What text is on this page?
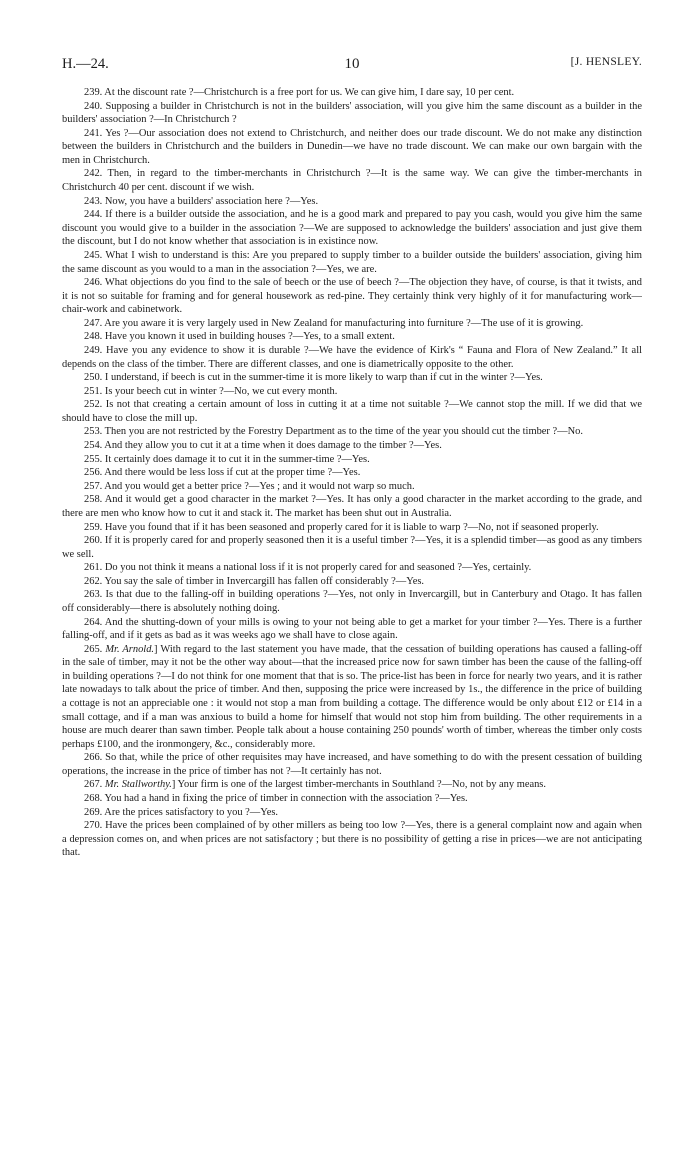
10
H.—24.	[J. HENSLEY.

239. At the discount rate ?—Christchurch is a free port for us. We can give him, I dare say, 10 per cent.

240. Supposing a builder in Christchurch is not in the builders' association, will you give him the same discount as a builder in the builders' association ?—In Christchurch ?

241. Yes ?—Our association does not extend to Christchurch, and neither does our trade discount. We do not make any distinction between the builders in Christchurch and the builders in Dunedin—we have no trade discount. We can make our own bargain with the men in Christchurch.

242. Then, in regard to the timber-merchants in Christchurch ?—It is the same way. We can give the timber-merchants in Christchurch 40 per cent. discount if we wish.

243. Now, you have a builders' association here ?—Yes.

244. If there is a builder outside the association, and he is a good mark and prepared to pay you cash, would you give him the same discount you would give to a builder in the association ?—We are supposed to acknowledge the builders' association and just give them the discount, but I do not know whether that association is in existince now.

245. What I wish to understand is this: Are you prepared to supply timber to a builder outside the builders' association, giving him the same discount as you would to a man in the association ?—Yes, we are.

246. What objections do you find to the sale of beech or the use of beech ?—The objection they have, of course, is that it twists, and it is not so suitable for framing and for general housework as red-pine. They certainly think very highly of it for manufacturing work—chair-work and cabinetwork.

247. Are you aware it is very largely used in New Zealand for manufacturing into furniture ?—The use of it is growing.

248. Have you known it used in building houses ?—Yes, to a small extent.

249. Have you any evidence to show it is durable ?—We have the evidence of Kirk's “ Fauna and Flora of New Zealand.” It all depends on the class of the timber. There are different classes, and one is diametrically opposite to the other.

250. I understand, if beech is cut in the summer-time it is more likely to warp than if cut in the winter ?—Yes.

251. Is your beech cut in winter ?—No, we cut every month.

252. Is not that creating a certain amount of loss in cutting it at a time not suitable ?—We cannot stop the mill. If we did that we should have to close the mill up.

253. Then you are not restricted by the Forestry Department as to the time of the year you should cut the timber ?—No.

254. And they allow you to cut it at a time when it does damage to the timber ?—Yes.

255. It certainly does damage it to cut it in the summer-time ?—Yes.

256. And there would be less loss if cut at the proper time ?—Yes.

257. And you would get a better price ?—Yes ; and it would not warp so much.

258. And it would get a good character in the market ?—Yes. It has only a good character in the market according to the grade, and there are men who know how to cut it and stack it. The market has been shut out in Australia.

259. Have you found that if it has been seasoned and properly cared for it is liable to warp ?—No, not if seasoned properly.

260. If it is properly cared for and properly seasoned then it is a useful timber ?—Yes, it is a splendid timber—as good as any timbers we sell.

261. Do you not think it means a national loss if it is not properly cared for and seasoned ?—Yes, certainly.

262. You say the sale of timber in Invercargill has fallen off considerably ?—Yes.

263. Is that due to the falling-off in building operations ?—Yes, not only in Invercargill, but in Canterbury and Otago. It has fallen off considerably—there is absolutely nothing doing.

264. And the shutting-down of your mills is owing to your not being able to get a market for your timber ?—Yes. There is a further falling-off, and if it gets as bad as it was weeks ago we shall have to close again.

265. Mr. Arnold.] With regard to the last statement you have made, that the cessation of building operations has caused a falling-off in the sale of timber, may it not be the other way about—that the increased price now for sawn timber has been the cause of the falling-off in building operations ?—I do not think for one moment that that is so. The price-list has been in force for nearly two years, and it is rather late nowadays to talk about the price of timber. And then, supposing the price were increased by 1s., the difference in the price of building a cottage is not an appreciable one : it would not stop a man from building a cottage. The difference would be only about £12 or £14 in a small cottage, and if a man was anxious to build a home for himself that would not stop him from building. The other requirements in a house are much dearer than sawn timber. People talk about a house containing 250 pounds' worth of timber, whereas the timber only costs perhaps £100, and the ironmongery, &c., considerably more.

266. So that, while the price of other requisites may have increased, and have something to do with the present cessation of building operations, the increase in the price of timber has not ?—It certainly has not.

267. Mr. Stallworthy.] Your firm is one of the largest timber-merchants in Southland ?—No, not by any means.

268. You had a hand in fixing the price of timber in connection with the association ?—Yes.

269. Are the prices satisfactory to you ?—Yes.

270. Have the prices been complained of by other millers as being too low ?—Yes, there is a general complaint now and again when a depression comes on, and when prices are not satisfactory ; but there is no possibility of getting a rise in prices—we are not anticipating that.
